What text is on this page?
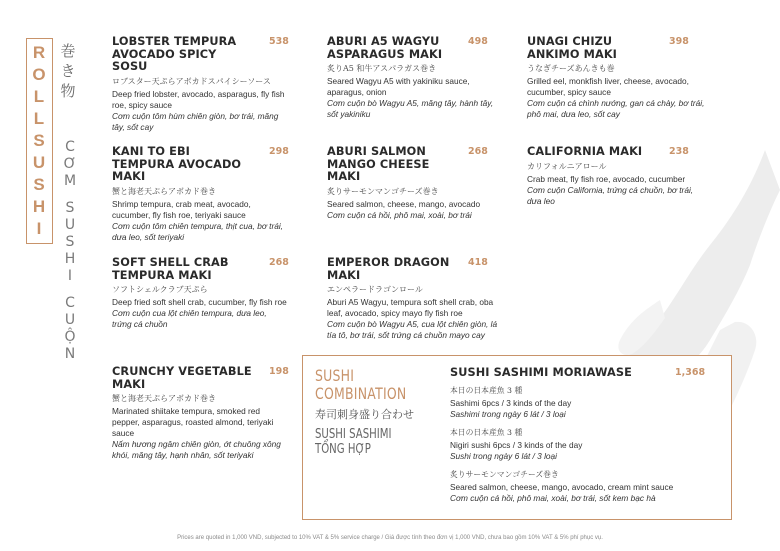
R
O
L
L
S
U
S
H
I
巻
き
物
C
Ơ
M
S
U
S
H
I
C
U
Ộ
N
LOBSTER TEMPURA AVOCADO SPICY SOSU
538
ロブスター天ぷらアボカドスパイシーソース
Deep fried lobster, avocado, asparagus, fly fish roe, spicy sauce
Cơm cuộn tôm hùm chiên giòn, bơ trái, măng tây, sốt cay
ABURI A5 WAGYU ASPARAGUS MAKI
498
炙りA5 和牛アスパラガス巻き
Seared Wagyu A5 with yakiniku sauce, aparagus, onion
Cơm cuộn bò Wagyu A5, măng tây, hành tây, sốt yakiniku
UNAGI CHIZU ANKIMO MAKI
398
うなぎチーズあんきも巻
Grilled eel, monkfish liver, cheese, avocado, cucumber, spicy sauce
Cơm cuộn cá chình nướng, gan cá chày, bơ trái, phô mai, dưa leo, sốt cay
KANI TO EBI TEMPURA AVOCADO MAKI
298
蟹と海老天ぷらアボカド巻き
Shrimp tempura, crab meat, avocado, cucumber, fly fish roe, teriyaki sauce
Cơm cuộn tôm chiên tempura, thịt cua, bơ trái, dưa leo, sốt teriyaki
ABURI SALMON MANGO CHEESE MAKI
268
炙りサーモンマンゴチーズ巻き
Seared salmon, cheese, mango, avocado
Cơm cuộn cá hồi, phô mai, xoài, bơ trái
CALIFORNIA MAKI	238
カリフォルニアロール
Crab meat, fly fish roe, avocado, cucumber
Cơm cuộn California, trứng cá chuồn, bơ trái, dưa leo
SOFT SHELL CRAB TEMPURA MAKI
268
ソフトシェルクラブ天ぷら
Deep fried soft shell crab, cucumber, fly fish roe
Cơm cuộn cua lột chiên tempura, dưa leo, trứng cá chuồn
EMPEROR DRAGON MAKI
418
エンペラードラゴンロール
Aburi A5 Wagyu, tempura soft shell crab, oba leaf, avocado, spicy mayo fly fish roe
Cơm cuộn bò Wagyu A5, cua lột chiên giòn, lá tía tô, bơ trái, sốt trứng cá chuồn mayo cay
CRUNCHY VEGETABLE MAKI
198
蟹と海老天ぷらアボカド巻き
Marinated shiitake tempura, smoked red pepper, asparagus, roasted almond, teriyaki sauce
Nấm hương ngâm chiên giòn, ớt chuông xông khói, măng tây, hạnh nhân, sốt teriyaki
SUSHI
COMBINATION
寿司刺身盛り合わせ
SUSHI SASHIMI
TỔNG HỢP
SUSHI SASHIMI MORIAWASE	1,368
本日の日本産魚 3 種
Sashimi 6pcs / 3 kinds of the day
Sashimi trong ngày 6 lát / 3 loại
本日の日本産魚 3 種
Nigiri sushi 6pcs / 3 kinds of the day
Sushi trong ngày 6 lát / 3 loại
炙りサーモンマンゴチーズ巻き
Seared salmon, cheese, mango, avocado, cream mint sauce
Cơm cuộn cá hồi, phô mai, xoài, bơ trái, sốt kem bạc hà
Prices are quoted in 1,000 VND, subjected to 10% VAT & 5% service charge / Giá được tính theo đơn vị 1,000 VND, chưa bao gồm 10% VAT & 5% phí phục vụ.
